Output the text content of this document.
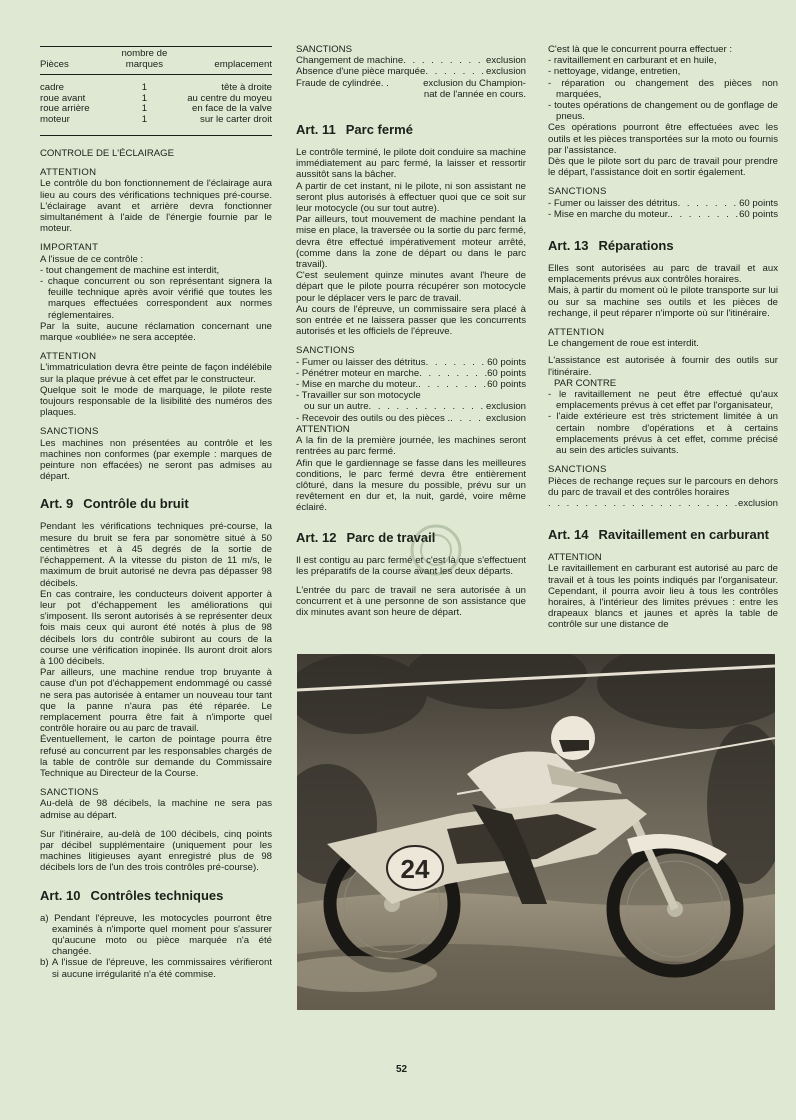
Pièces	nombre de marques	emplacement

cadre	1	tête à droite
roue avant	1	au centre du moyeu
roue arrière	1	en face de la valve
moteur	1	sur le carter droit

CONTROLE DE L'ÉCLAIRAGE

ATTENTION

Le contrôle du bon fonctionnement de l'éclairage aura lieu au cours des vérifications techniques pré-course. L'éclairage avant et arrière devra fonctionner simultanément à l'aide de l'énergie fournie par le moteur.

IMPORTANT

A l'issue de ce contrôle :

- tout changement de machine est interdit,
- chaque concurrent ou son représentant signera la feuille technique après avoir vérifié que toutes les marques effectuées correspondent aux normes réglementaires.

Par la suite, aucune réclamation concernant une marque «oubliée» ne sera acceptée.

ATTENTION

L'immatriculation devra être peinte de façon indélébile sur la plaque prévue à cet effet par le constructeur.

Quelque soit le mode de marquage, le pilote reste toujours responsable de la lisibilité des numéros des plaques.

SANCTIONS

Les machines non présentées au contrôle et les machines non conformes (par exemple : marques de peinture non effacées) ne seront pas admises au départ.

Art. 9 Contrôle du bruit

Pendant les vérifications techniques pré-course, la mesure du bruit se fera par sonomètre situé à 50 centimètres et à 45 degrés de la sortie de l'échappement. A la vitesse du piston de 11 m/s, le maximum de bruit autorisé ne devra pas dépasser 98 décibels.

En cas contraire, les conducteurs doivent apporter à leur pot d'échappement les améliorations qui s'imposent. Ils seront autorisés à se représenter deux fois mais ceux qui auront été notés à plus de 98 décibels lors du contrôle subiront au cours de la course une vérification inopinée. Ils auront droit alors à 100 décibels.

Par ailleurs, une machine rendue trop bruyante à cause d'un pot d'échappement endommagé ou cassé ne sera pas autorisée à entamer un nouveau tour tant que la panne n'aura pas été réparée. Le remplacement pourra être fait à n'importe quel contrôle horaire ou au parc de travail.

Éventuellement, le carton de pointage pourra être refusé au concurrent par les responsables chargés de la table de contrôle sur demande du Commissaire Technique au Directeur de la Course.

SANCTIONS

Au-delà de 98 décibels, la machine ne sera pas admise au départ.

Sur l'itinéraire, au-delà de 100 décibels, cinq points par décibel supplémentaire (uniquement pour les machines litigieuses ayant enregistré plus de 98 décibels lors de l'un des trois contrôles pré-course).

Art. 10 Contrôles techniques
a) Pendant l'épreuve, les motocycles pourront être examinés à n'importe quel moment pour s'assurer qu'aucune moto ou pièce marquée n'a été changée.
b) A l'issue de l'épreuve, les commissaires vérifieront si aucune irrégularité n'a été commise.

SANCTIONS

Changement de machine . . .	exclusion
Absence d'une pièce marquée . . .	exclusion
Fraude de cylindrée. .	exclusion du Champion-
nat de l'année en cours.
Art. 11 Parc fermé

Le contrôle terminé, le pilote doit conduire sa machine immédiatement au parc fermé, la laisser et ressortir aussitôt sans la bâcher.

A partir de cet instant, ni le pilote, ni son assistant ne seront plus autorisés à effectuer quoi que ce soit sur leur motocycle (ou sur tout autre).

Par ailleurs, tout mouvement de machine pendant la mise en place, la traversée ou la sortie du parc fermé, devra être effectué impérativement moteur arrêté, (comme dans la zone de départ ou dans le parc travail).

C'est seulement quinze minutes avant l'heure de départ que le pilote pourra récupérer son motocycle pour le déplacer vers le parc de travail.

Au cours de l'épreuve, un commissaire sera placé à son entrée et ne laissera passer que les concurrents autorisés et les officiels de l'épreuve.

SANCTIONS

- Fumer ou laisser des détritus . . .	60 points
- Pénétrer moteur en marche . . .	60 points
- Mise en marche du moteur. . . .	60 points
- Travailler sur son motocycle
ou sur un autre . . .	exclusion
- Recevoir des outils ou des pièces . . . .	exclusion

ATTENTION

A la fin de la première journée, les machines seront rentrées au parc fermé.

Afin que le gardiennage se fasse dans les meilleures conditions, le parc fermé devra être entièrement clôturé, dans la mesure du possible, prévu sur un revêtement en dur et, la nuit, gardé, voire même éclairé.

Art. 12 Parc de travail

Il est contigu au parc fermé et c'est là que s'effectuent les préparatifs de la course avant les deux départs.

L'entrée du parc de travail ne sera autorisée à un concurrent et à une personne de son assistance que dix minutes avant son heure de départ.

C'est là que le concurrent pourra effectuer :

- ravitaillement en carburant et en huile,
- nettoyage, vidange, entretien,
- réparation ou changement des pièces non marquées,
- toutes opérations de changement ou de gonflage de pneus.

Ces opérations pourront être effectuées avec les outils et les pièces transportées sur la moto ou fournis par l'assistance.

Dès que le pilote sort du parc de travail pour prendre le départ, l'assistance doit en sortir également.

SANCTIONS

- Fumer ou laisser des détritus . . .	60 points
- Mise en marche du moteur. . . .	60 points
Art. 13 Réparations

Elles sont autorisées au parc de travail et aux emplacements prévus aux contrôles horaires.

Mais, à partir du moment où le pilote transporte sur lui ou sur sa machine ses outils et les pièces de rechange, il peut réparer n'importe où sur l'itinéraire.

ATTENTION

Le changement de roue est interdit.

L'assistance est autorisée à fournir des outils sur l'itinéraire.

PAR CONTRE

- le ravitaillement ne peut être effectué qu'aux emplacements prévus à cet effet par l'organisateur,
- l'aide extérieure est très strictement limitée à un certain nombre d'opérations et à certains emplacements prévus à cet effet, comme précisé au sein des articles suivants.

SANCTIONS

Pièces de rechange reçues sur le parcours en dehors du parc de travail et des contrôles horaires

. . .
exclusion
Art. 14 Ravitaillement en carburant

ATTENTION

Le ravitaillement en carburant est autorisé au parc de travail et à tous les points indiqués par l'organisateur. Cependant, il pourra avoir lieu à tous les contrôles horaires, à l'intérieur des limites prévues : entre les drapeaux blancs et jaunes et après la table de contrôle sur une distance de

24
52
